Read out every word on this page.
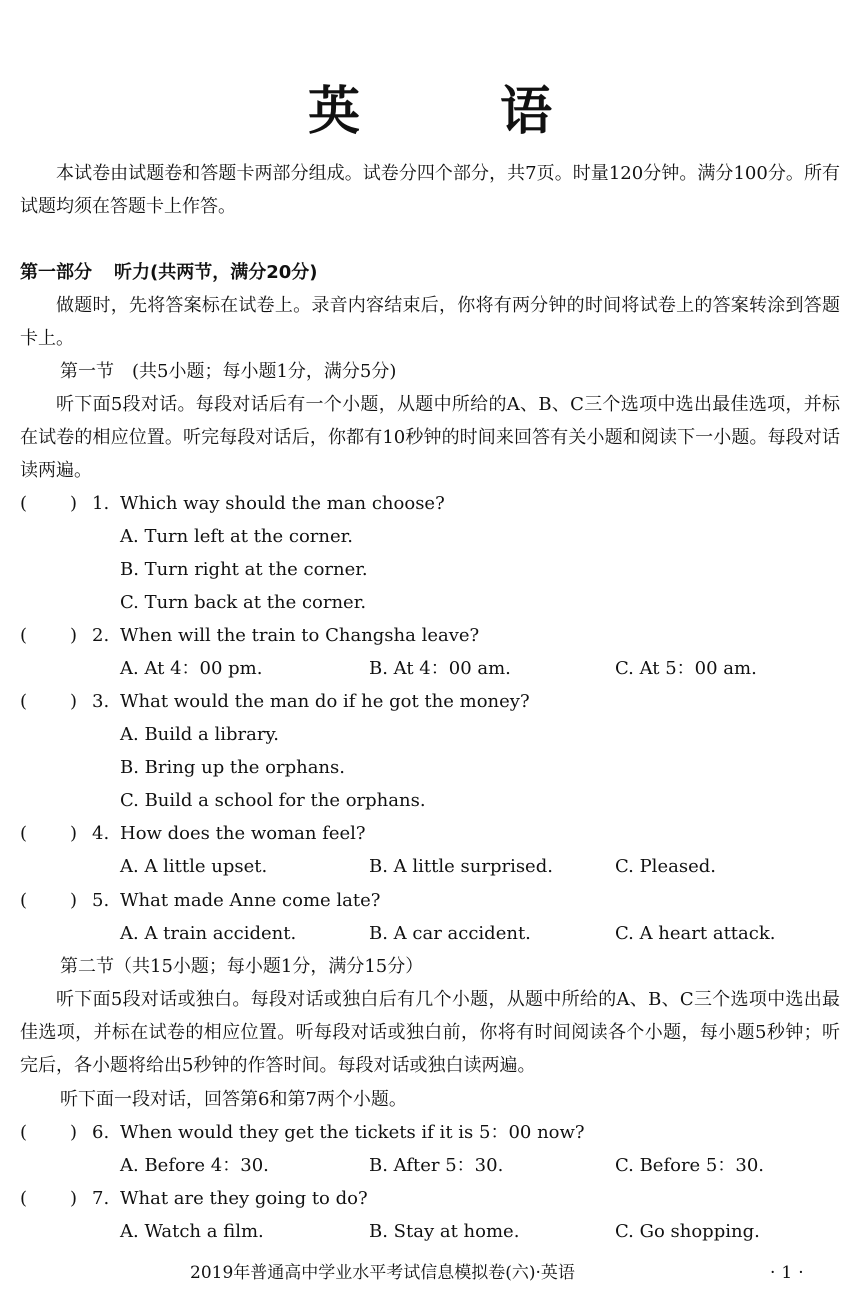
英　语
本试卷由试题卷和答题卡两部分组成。试卷分四个部分，共7页。时量120分钟。满分100分。所有试题均须在答题卡上作答。
第一部分 听力(共两节，满分20分)
做题时，先将答案标在试卷上。录音内容结束后，你将有两分钟的时间将试卷上的答案转涂到答题卡上。
第一节　(共5小题；每小题1分，满分5分)
听下面5段对话。每段对话后有一个小题，从题中所给的A、B、C三个选项中选出最佳选项，并标在试卷的相应位置。听完每段对话后，你都有10秒钟的时间来回答有关小题和阅读下一小题。每段对话读两遍。
( ) 1. Which way should the man choose?
A. Turn left at the corner.
B. Turn right at the corner.
C. Turn back at the corner.
( ) 2. When will the train to Changsha leave?
A. At 4：00 pm.	B. At 4：00 am.	C. At 5：00 am.
( ) 3. What would the man do if he got the money?
A. Build a library.
B. Bring up the orphans.
C. Build a school for the orphans.
( ) 4. How does the woman feel?
A. A little upset.	B. A little surprised.	C. Pleased.
( ) 5. What made Anne come late?
A. A train accident.	B. A car accident.	C. A heart attack.
第二节（共15小题；每小题1分，满分15分）
听下面5段对话或独白。每段对话或独白后有几个小题，从题中所给的A、B、C三个选项中选出最佳选项，并标在试卷的相应位置。听每段对话或独白前，你将有时间阅读各个小题，每小题5秒钟；听完后，各小题将给出5秒钟的作答时间。每段对话或独白读两遍。
听下面一段对话，回答第6和第7两个小题。
( ) 6. When would they get the tickets if it is 5：00 now?
A. Before 4：30.	B. After 5：30.	C. Before 5：30.
( ) 7. What are they going to do?
A. Watch a film.	B. Stay at home.	C. Go shopping.
2019年普通高中学业水平考试信息模拟卷(六)·英语	·1·
